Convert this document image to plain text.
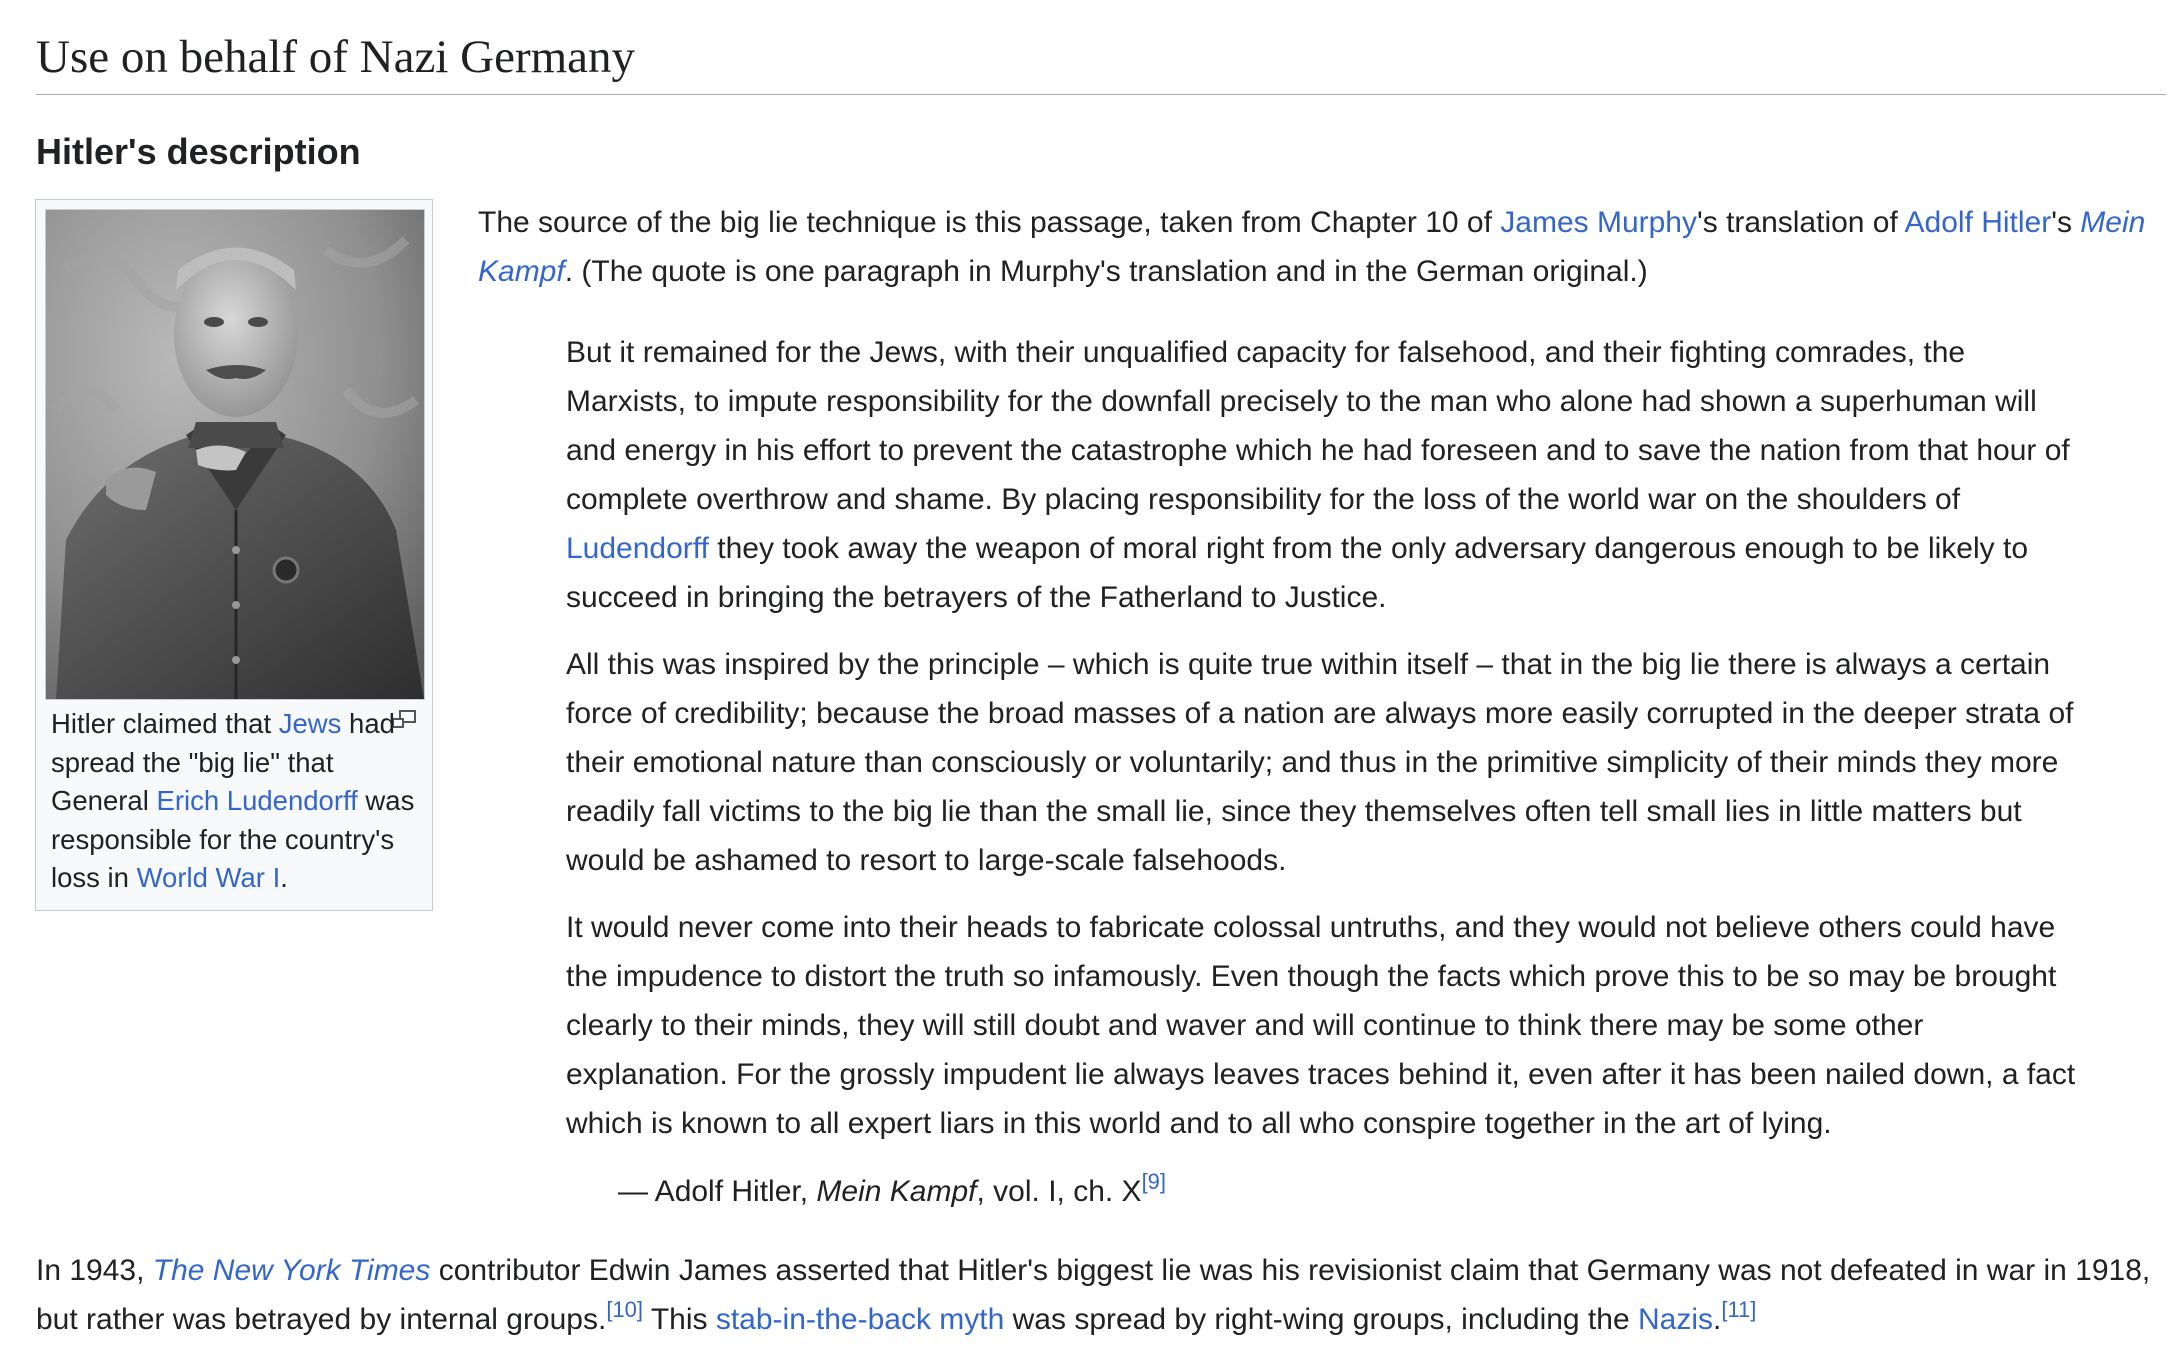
Use on behalf of Nazi Germany
Hitler's description
Hitler claimed that Jews had spread the "big lie" that General Erich Ludendorff was responsible for the country's loss in World War I.

The source of the big lie technique is this passage, taken from Chapter 10 of James Murphy's translation of Adolf Hitler's Mein Kampf. (The quote is one paragraph in Murphy's translation and in the German original.)

But it remained for the Jews, with their unqualified capacity for falsehood, and their fighting comrades, the Marxists, to impute responsibility for the downfall precisely to the man who alone had shown a superhuman will and energy in his effort to prevent the catastrophe which he had foreseen and to save the nation from that hour of complete overthrow and shame. By placing responsibility for the loss of the world war on the shoulders of Ludendorff they took away the weapon of moral right from the only adversary dangerous enough to be likely to succeed in bringing the betrayers of the Fatherland to Justice.

All this was inspired by the principle – which is quite true within itself – that in the big lie there is always a certain force of credibility; because the broad masses of a nation are always more easily corrupted in the deeper strata of their emotional nature than consciously or voluntarily; and thus in the primitive simplicity of their minds they more readily fall victims to the big lie than the small lie, since they themselves often tell small lies in little matters but would be ashamed to resort to large-scale falsehoods.

It would never come into their heads to fabricate colossal untruths, and they would not believe others could have the impudence to distort the truth so infamously. Even though the facts which prove this to be so may be brought clearly to their minds, they will still doubt and waver and will continue to think there may be some other explanation. For the grossly impudent lie always leaves traces behind it, even after it has been nailed down, a fact which is known to all expert liars in this world and to all who conspire together in the art of lying.

— Adolf Hitler, Mein Kampf, vol. I, ch. X[9]

In 1943, The New York Times contributor Edwin James asserted that Hitler's biggest lie was his revisionist claim that Germany was not defeated in war in 1918, but rather was betrayed by internal groups.[10] This stab-in-the-back myth was spread by right-wing groups, including the Nazis.[11]
